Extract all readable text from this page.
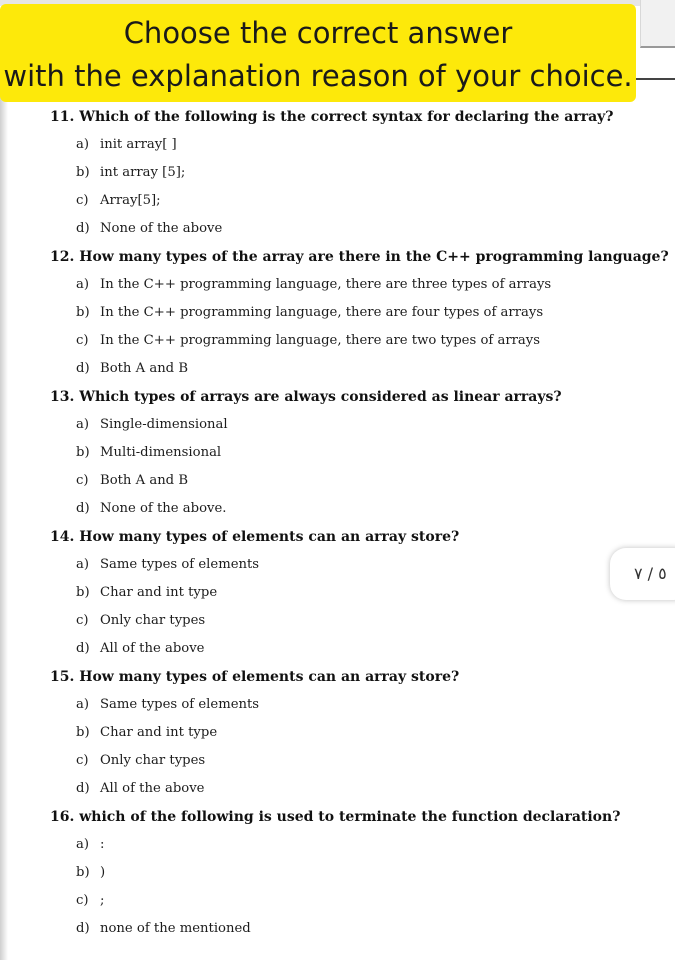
Choose the correct answer
with the explanation reason of your choice.
11. Which of the following is the correct syntax for declaring the array?
a) init array[ ]
b) int array [5];
c) Array[5];
d) None of the above
12. How many types of the array are there in the C++ programming language?
a) In the C++ programming language, there are three types of arrays
b) In the C++ programming language, there are four types of arrays
c) In the C++ programming language, there are two types of arrays
d) Both A and B
13. Which types of arrays are always considered as linear arrays?
a) Single-dimensional
b) Multi-dimensional
c) Both A and B
d) None of the above.
14. How many types of elements can an array store?
a) Same types of elements
b) Char and int type
c) Only char types
d) All of the above
15. How many types of elements can an array store?
a) Same types of elements
b) Char and int type
c) Only char types
d) All of the above
16. which of the following is used to terminate the function declaration?
a) :
b) )
c) ;
d) none of the mentioned
٥ / ٧
